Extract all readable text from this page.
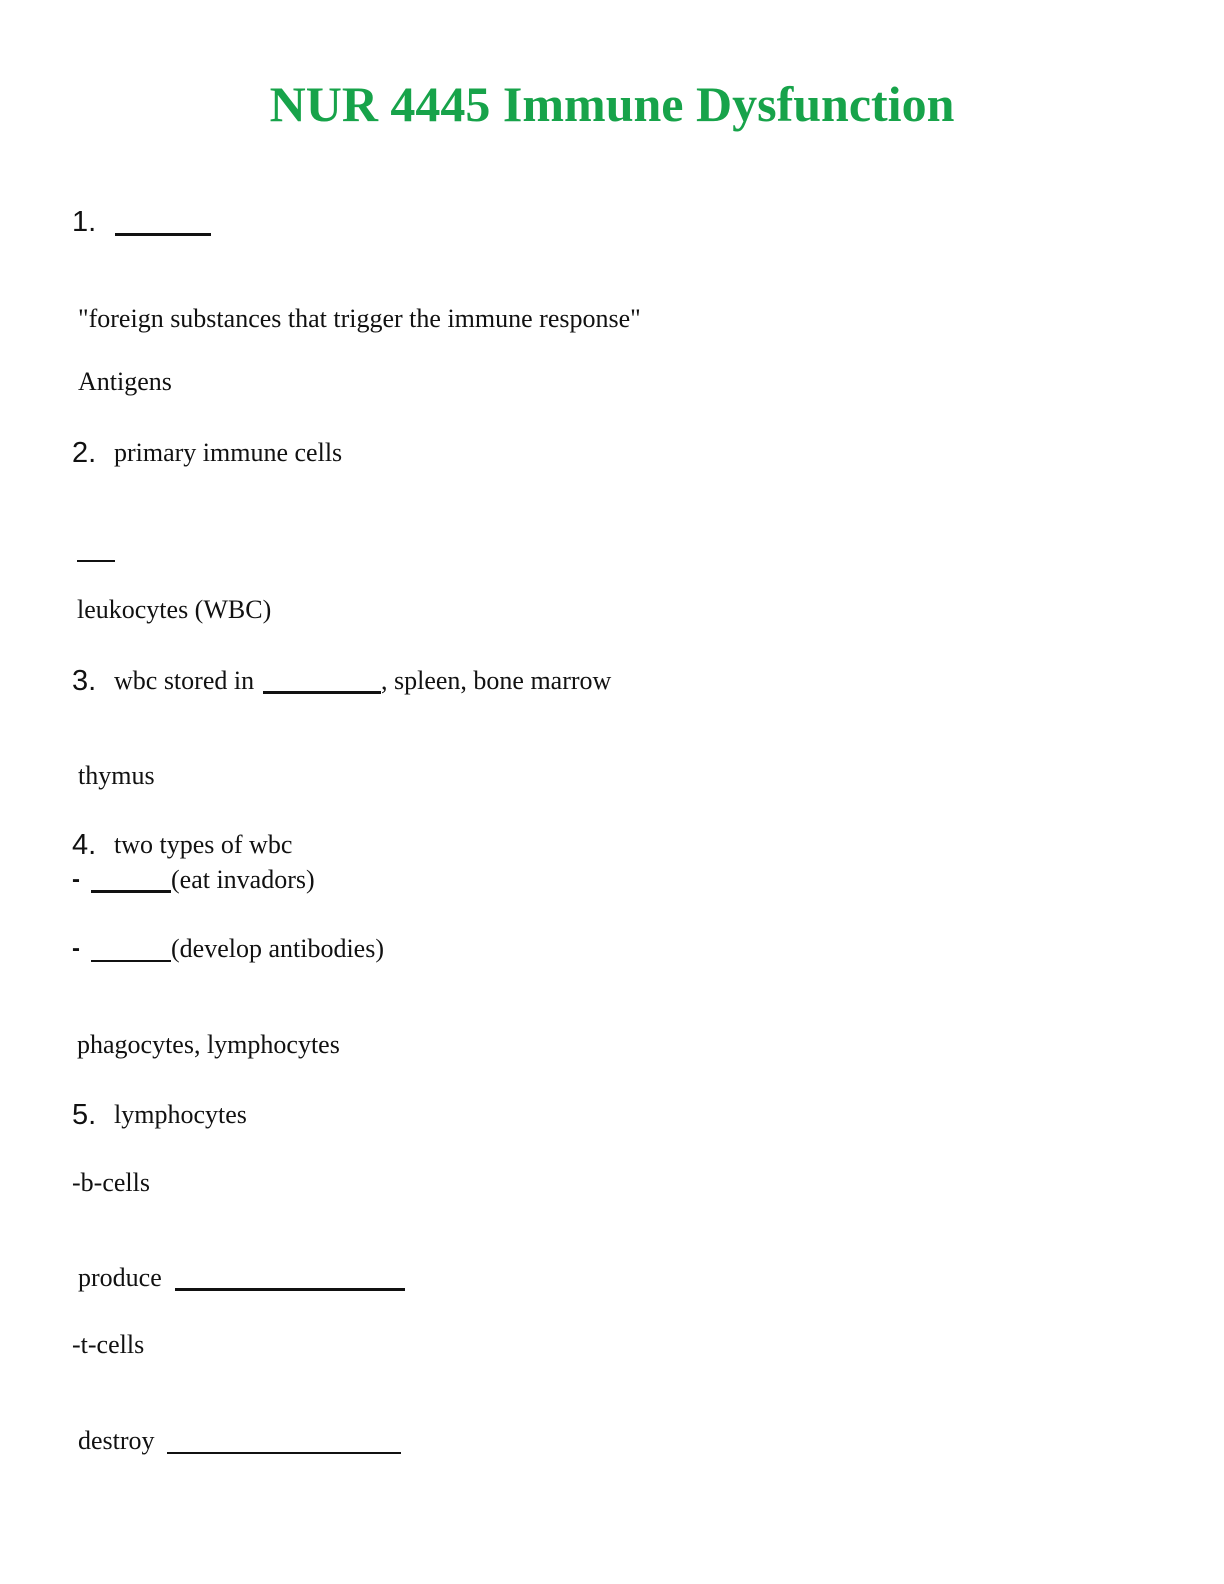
NUR 4445 Immune Dysfunction
1.
"foreign substances that trigger the immune response"
Antigens
2. primary immune cells
leukocytes (WBC)
3. wbc stored in	, spleen, bone marrow
thymus
4. two types of wbc
-	(eat invadors)
-	(develop antibodies)
phagocytes, lymphocytes
5. lymphocytes
-b-cells
produce
-t-cells
destroy
